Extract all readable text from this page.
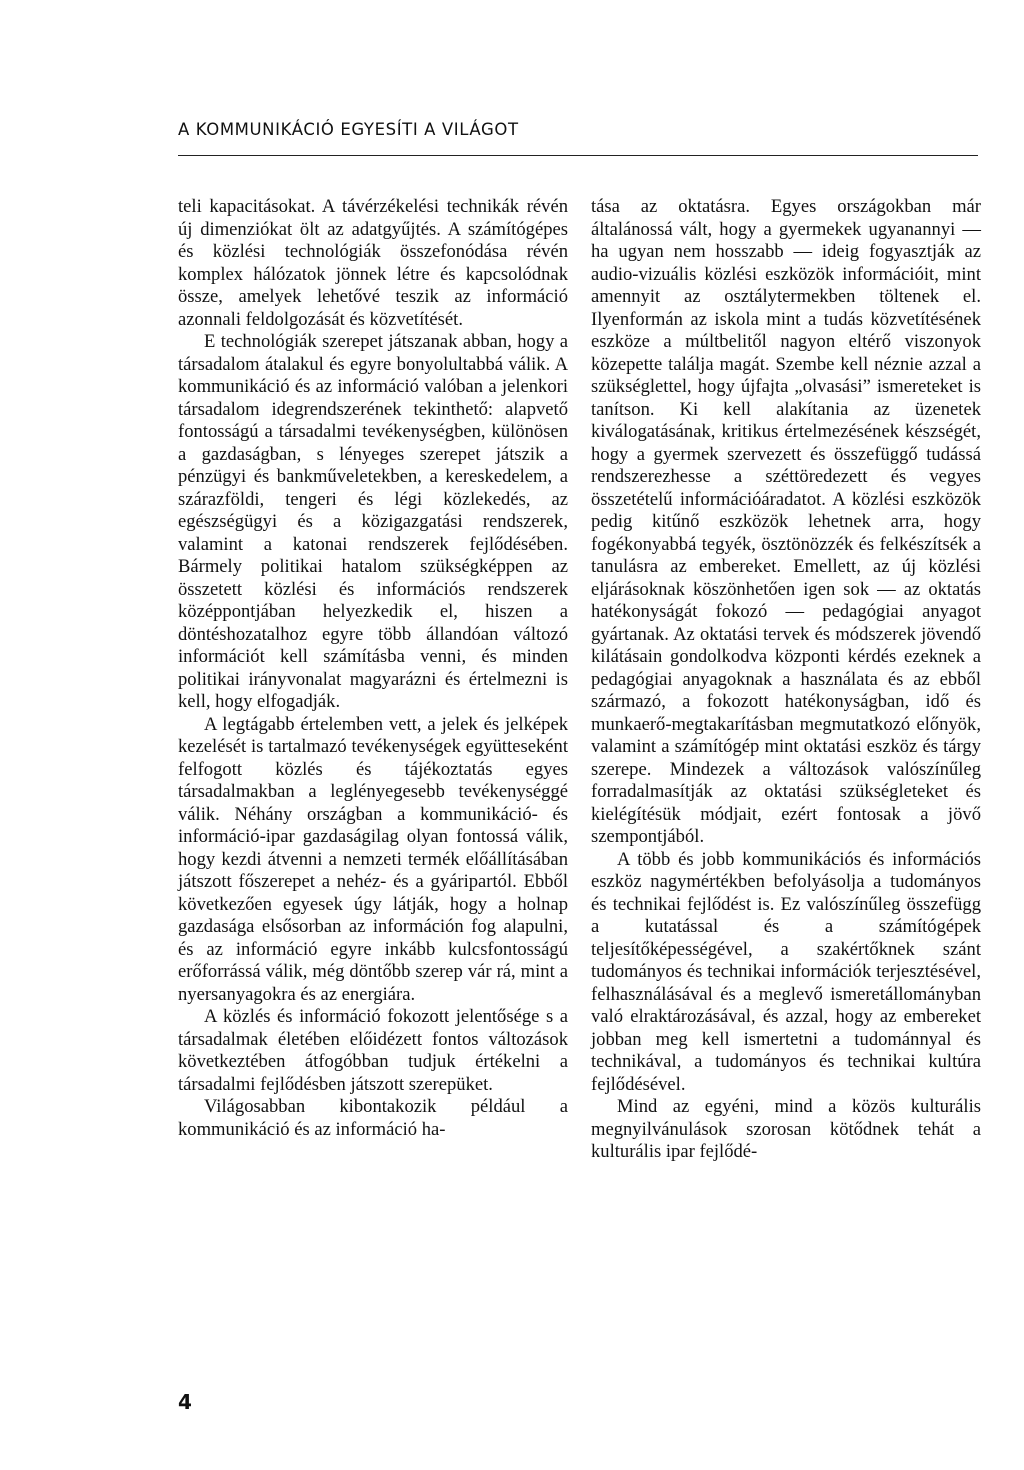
A KOMMUNIKÁCIÓ EGYESÍTI A VILÁGOT

teli kapacitásokat. A távérzékelési technikák révén új dimenziókat ölt az adatgyűjtés. A számítógépes és közlési technológiák összefonódása révén komplex hálózatok jönnek létre és kapcsolódnak össze, amelyek lehetővé teszik az információ azonnali feldolgozását és közvetítését.

E technológiák szerepet játszanak abban, hogy a társadalom átalakul és egyre bonyolultabbá válik. A kommunikáció és az információ valóban a jelenkori társadalom idegrendszerének tekinthető: alapvető fontosságú a társadalmi tevékenységben, különösen a gazdaságban, s lényeges szerepet játszik a pénzügyi és bankműveletekben, a kereskedelem, a szárazföldi, tengeri és légi közlekedés, az egészségügyi és a közigazgatási rendszerek, valamint a katonai rendszerek fejlődésében. Bármely politikai hatalom szükségképpen az összetett közlési és információs rendszerek középpontjában helyezkedik el, hiszen a döntéshozatalhoz egyre több állandóan változó információt kell számításba venni, és minden politikai irányvonalat magyarázni és értelmezni is kell, hogy elfogadják.

A legtágabb értelemben vett, a jelek és jelképek kezelését is tartalmazó tevékenységek együtteseként felfogott közlés és tájékoztatás egyes társadalmakban a leglényegesebb tevékenységgé válik. Néhány országban a kommunikáció- és információ-ipar gazdaságilag olyan fontossá válik, hogy kezdi átvenni a nemzeti termék előállításában játszott főszerepet a nehéz- és a gyáripartól. Ebből következően egyesek úgy látják, hogy a holnap gazdasága elsősorban az információn fog alapulni, és az információ egyre inkább kulcsfontosságú erőforrássá válik, még döntőbb szerep vár rá, mint a nyersanyagokra és az energiára.

A közlés és információ fokozott jelentősége s a társadalmak életében előidézett fontos változások következtében átfogóbban tudjuk értékelni a társadalmi fejlődésben játszott szerepüket.

Világosabban kibontakozik például a kommunikáció és az információ ha-

tása az oktatásra. Egyes országokban már általánossá vált, hogy a gyermekek ugyanannyi — ha ugyan nem hosszabb — ideig fogyasztják az audio-vizuális közlési eszközök információit, mint amennyit az osztálytermekben töltenek el. Ilyenformán az iskola mint a tudás közvetítésének eszköze a múltbelitől nagyon eltérő viszonyok közepette találja magát. Szembe kell néznie azzal a szükséglettel, hogy újfajta „olvasási” ismereteket is tanítson. Ki kell alakítania az üzenetek kiválogatásának, kritikus értelmezésének készségét, hogy a gyermek szervezett és összefüggő tudássá rendszerezhesse a széttöredezett és vegyes összetételű információáradatot. A közlési eszközök pedig kitűnő eszközök lehetnek arra, hogy fogékonyabbá tegyék, ösztönözzék és felkészítsék a tanulásra az embereket. Emellett, az új közlési eljárásoknak köszönhetően igen sok — az oktatás hatékonyságát fokozó — pedagógiai anyagot gyártanak. Az oktatási tervek és módszerek jövendő kilátásain gondolkodva központi kérdés ezeknek a pedagógiai anyagoknak a használata és az ebből származó, a fokozott hatékonyságban, idő és munkaerő-megtakarításban megmutatkozó előnyök, valamint a számítógép mint oktatási eszköz és tárgy szerepe. Mindezek a változások valószínűleg forradalmasítják az oktatási szükségleteket és kielégítésük módjait, ezért fontosak a jövő szempontjából.

A több és jobb kommunikációs és információs eszköz nagymértékben befolyásolja a tudományos és technikai fejlődést is. Ez valószínűleg összefügg a kutatással és a számítógépek teljesítőképességével, a szakértőknek szánt tudományos és technikai információk terjesztésével, felhasználásával és a meglevő ismeretállományban való elraktározásával, és azzal, hogy az embereket jobban meg kell ismertetni a tudománnyal és technikával, a tudományos és technikai kultúra fejlődésével.

Mind az egyéni, mind a közös kulturális megnyilvánulások szorosan kötődnek tehát a kulturális ipar fejlődé-

4
